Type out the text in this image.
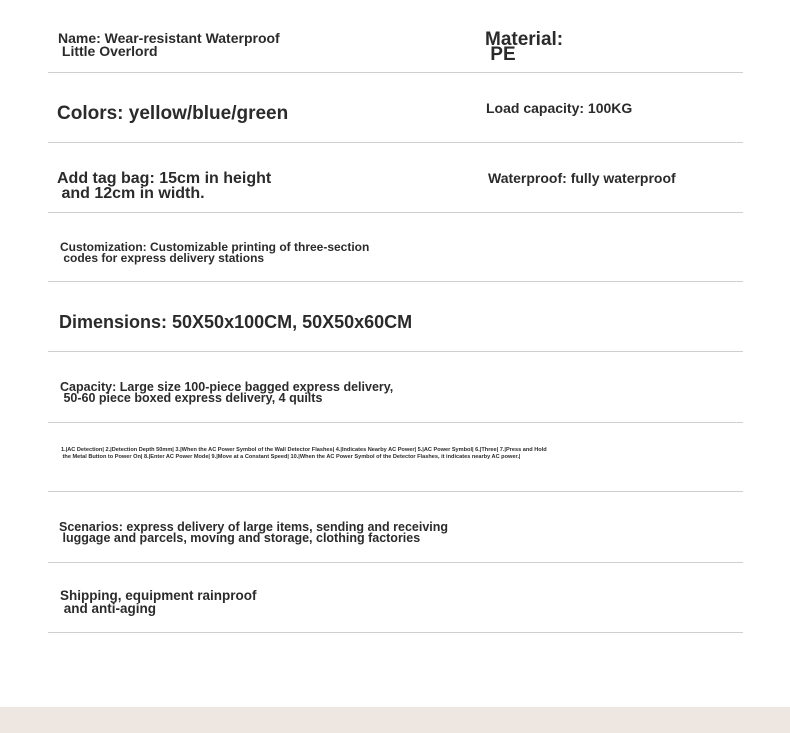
Name: Wear-resistant Waterproof
Little Overlord
Material:
PE
Colors: yellow/blue/green	Load capacity: 100KG
Add tag bag: 15cm in height
and 12cm in width.
Waterproof: fully waterproof
Customization: Customizable printing of three-section
codes for express delivery stations
Dimensions: 50X50x100CM, 50X50x60CM
Capacity: Large size 100-piece bagged express delivery,
50-60 piece boxed express delivery, 4 quilts
1.|AC Detection| 2.|Detection Depth 50mm| 3.|When the AC Power Symbol of the Wall Detector Flashes| 4.|Indicates Nearby AC Power| 5.|AC Power Symbol| 6.|Three| 7.|Press and Hold
the Metal Button to Power On| 8.|Enter AC Power Mode| 9.|Move at a Constant Speed| 10.|When the AC Power Symbol of the Detector Flashes, it indicates nearby AC power.|
Scenarios: express delivery of large items, sending and receiving
luggage and parcels, moving and storage, clothing factories
Shipping, equipment rainproof
and anti-aging
